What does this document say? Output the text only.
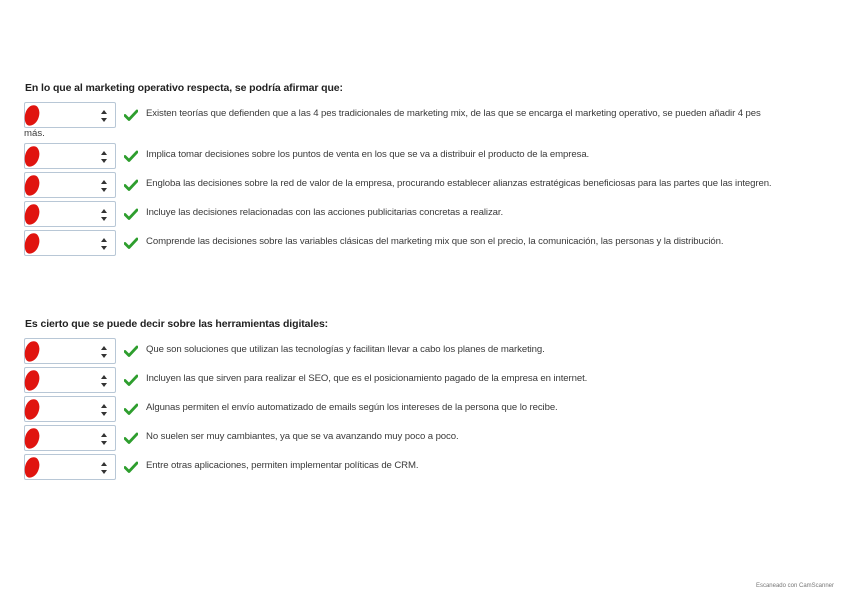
En lo que al marketing operativo respecta, se podría afirmar que:
Existen teorías que defienden que a las 4 pes tradicionales de marketing mix, de las que se encarga el marketing operativo, se pueden añadir 4 pes
más.
Implica tomar decisiones sobre los puntos de venta en los que se va a distribuir el producto de la empresa.
Engloba las decisiones sobre la red de valor de la empresa, procurando establecer alianzas estratégicas beneficiosas para las partes que las integren.
Incluye las decisiones relacionadas con las acciones publicitarias concretas a realizar.
Comprende las decisiones sobre las variables clásicas del marketing mix que son el precio, la comunicación, las personas y la distribución.
Es cierto que se puede decir sobre las herramientas digitales:
Que son soluciones que utilizan las tecnologías y facilitan llevar a cabo los planes de marketing.
Incluyen las que sirven para realizar el SEO, que es el posicionamiento pagado de la empresa en internet.
Algunas permiten el envío automatizado de emails según los intereses de la persona que lo recibe.
No suelen ser muy cambiantes, ya que se va avanzando muy poco a poco.
Entre otras aplicaciones, permiten implementar políticas de CRM.
Escaneado con CamScanner
